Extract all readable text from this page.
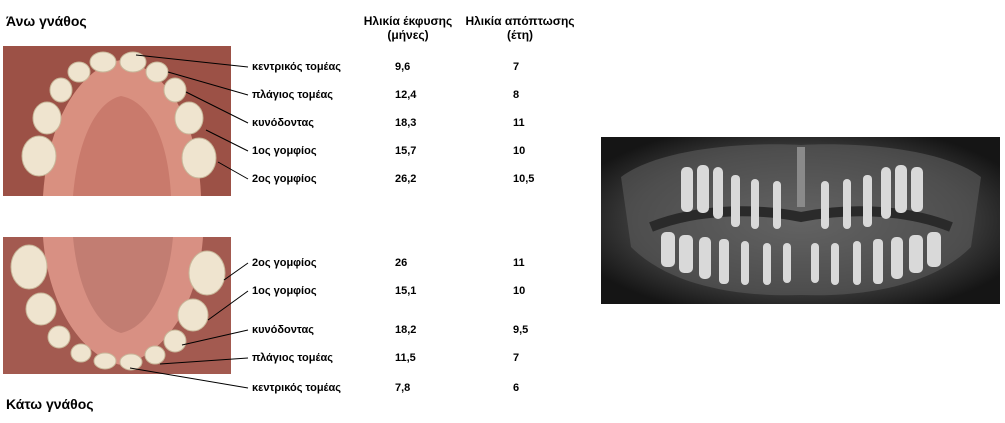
Άνω γνάθος
Κάτω γνάθος
Ηλικία έκφυσης
(μήνες)
Ηλικία απόπτωσης
(έτη)
κεντρικός τομέας	9,6	7
πλάγιος τομέας	12,4	8
κυνόδοντας	18,3	11
1ος γομφίος	15,7	10
2ος γομφίος	26,2	10,5
2ος γομφίος	26	11
1ος γομφίος	15,1	10
κυνόδοντας	18,2	9,5
πλάγιος τομέας	11,5	7
κεντρικός τομέας	7,8	6
